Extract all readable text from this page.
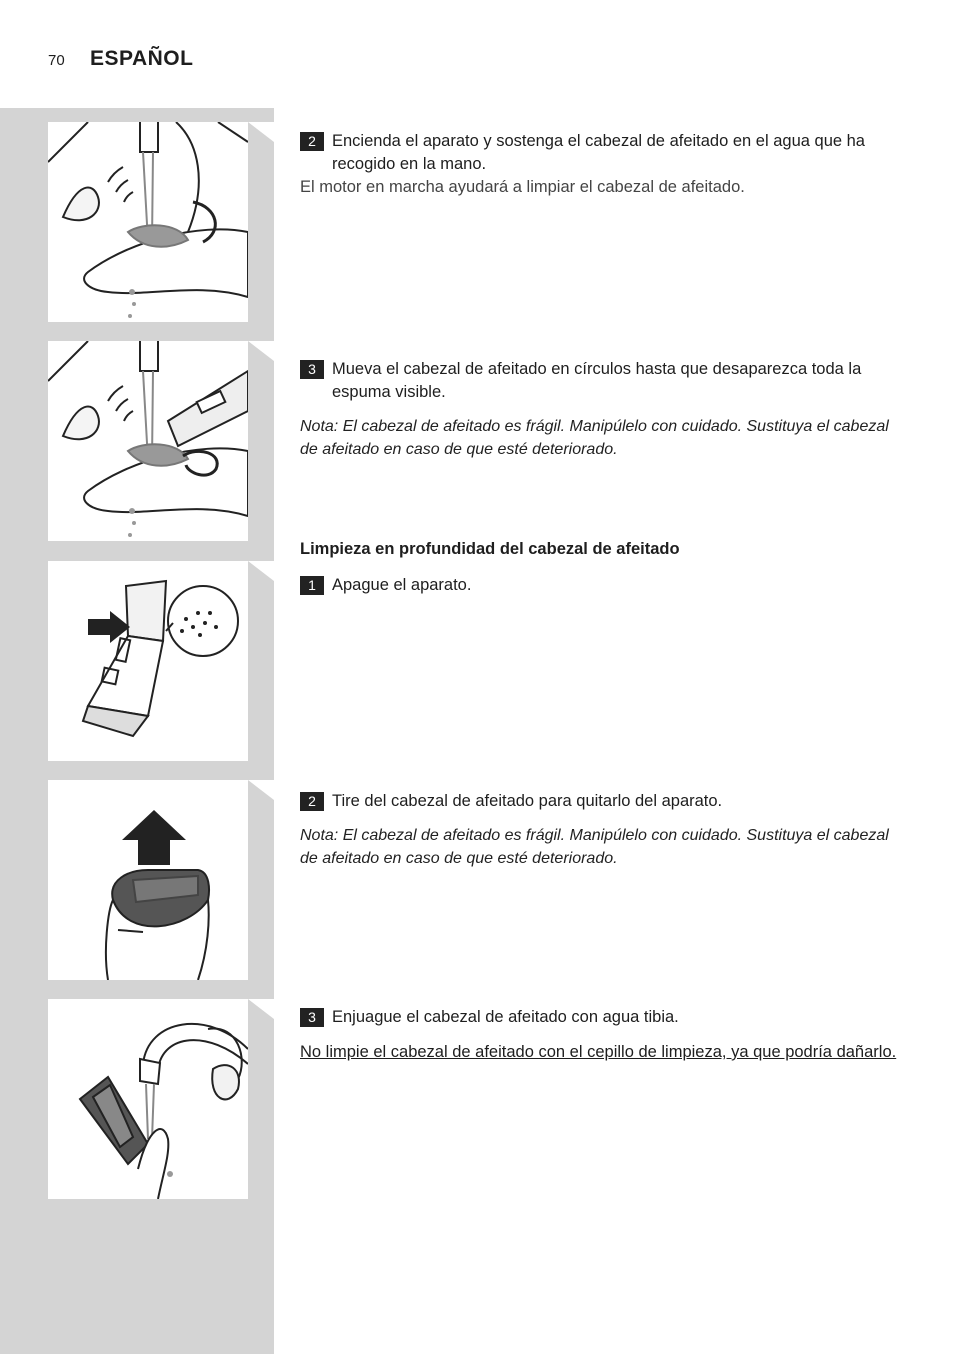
70 ESPAÑOL
2 Encienda el aparato y sostenga el cabezal de afeitado en el agua que ha recogido en la mano.
El motor en marcha ayudará a limpiar el cabezal de afeitado.
3 Mueva el cabezal de afeitado en círculos hasta que desaparezca toda la espuma visible.
Nota: El cabezal de afeitado es frágil. Manipúlelo con cuidado. Sustituya el cabezal de afeitado en caso de que esté deteriorado.
Limpieza en profundidad del cabezal de afeitado
1 Apague el aparato.
2 Tire del cabezal de afeitado para quitarlo del aparato.
Nota: El cabezal de afeitado es frágil. Manipúlelo con cuidado. Sustituya el cabezal de afeitado en caso de que esté deteriorado.
3 Enjuague el cabezal de afeitado con agua tibia.
No limpie el cabezal de afeitado con el cepillo de limpieza, ya que podría dañarlo.
